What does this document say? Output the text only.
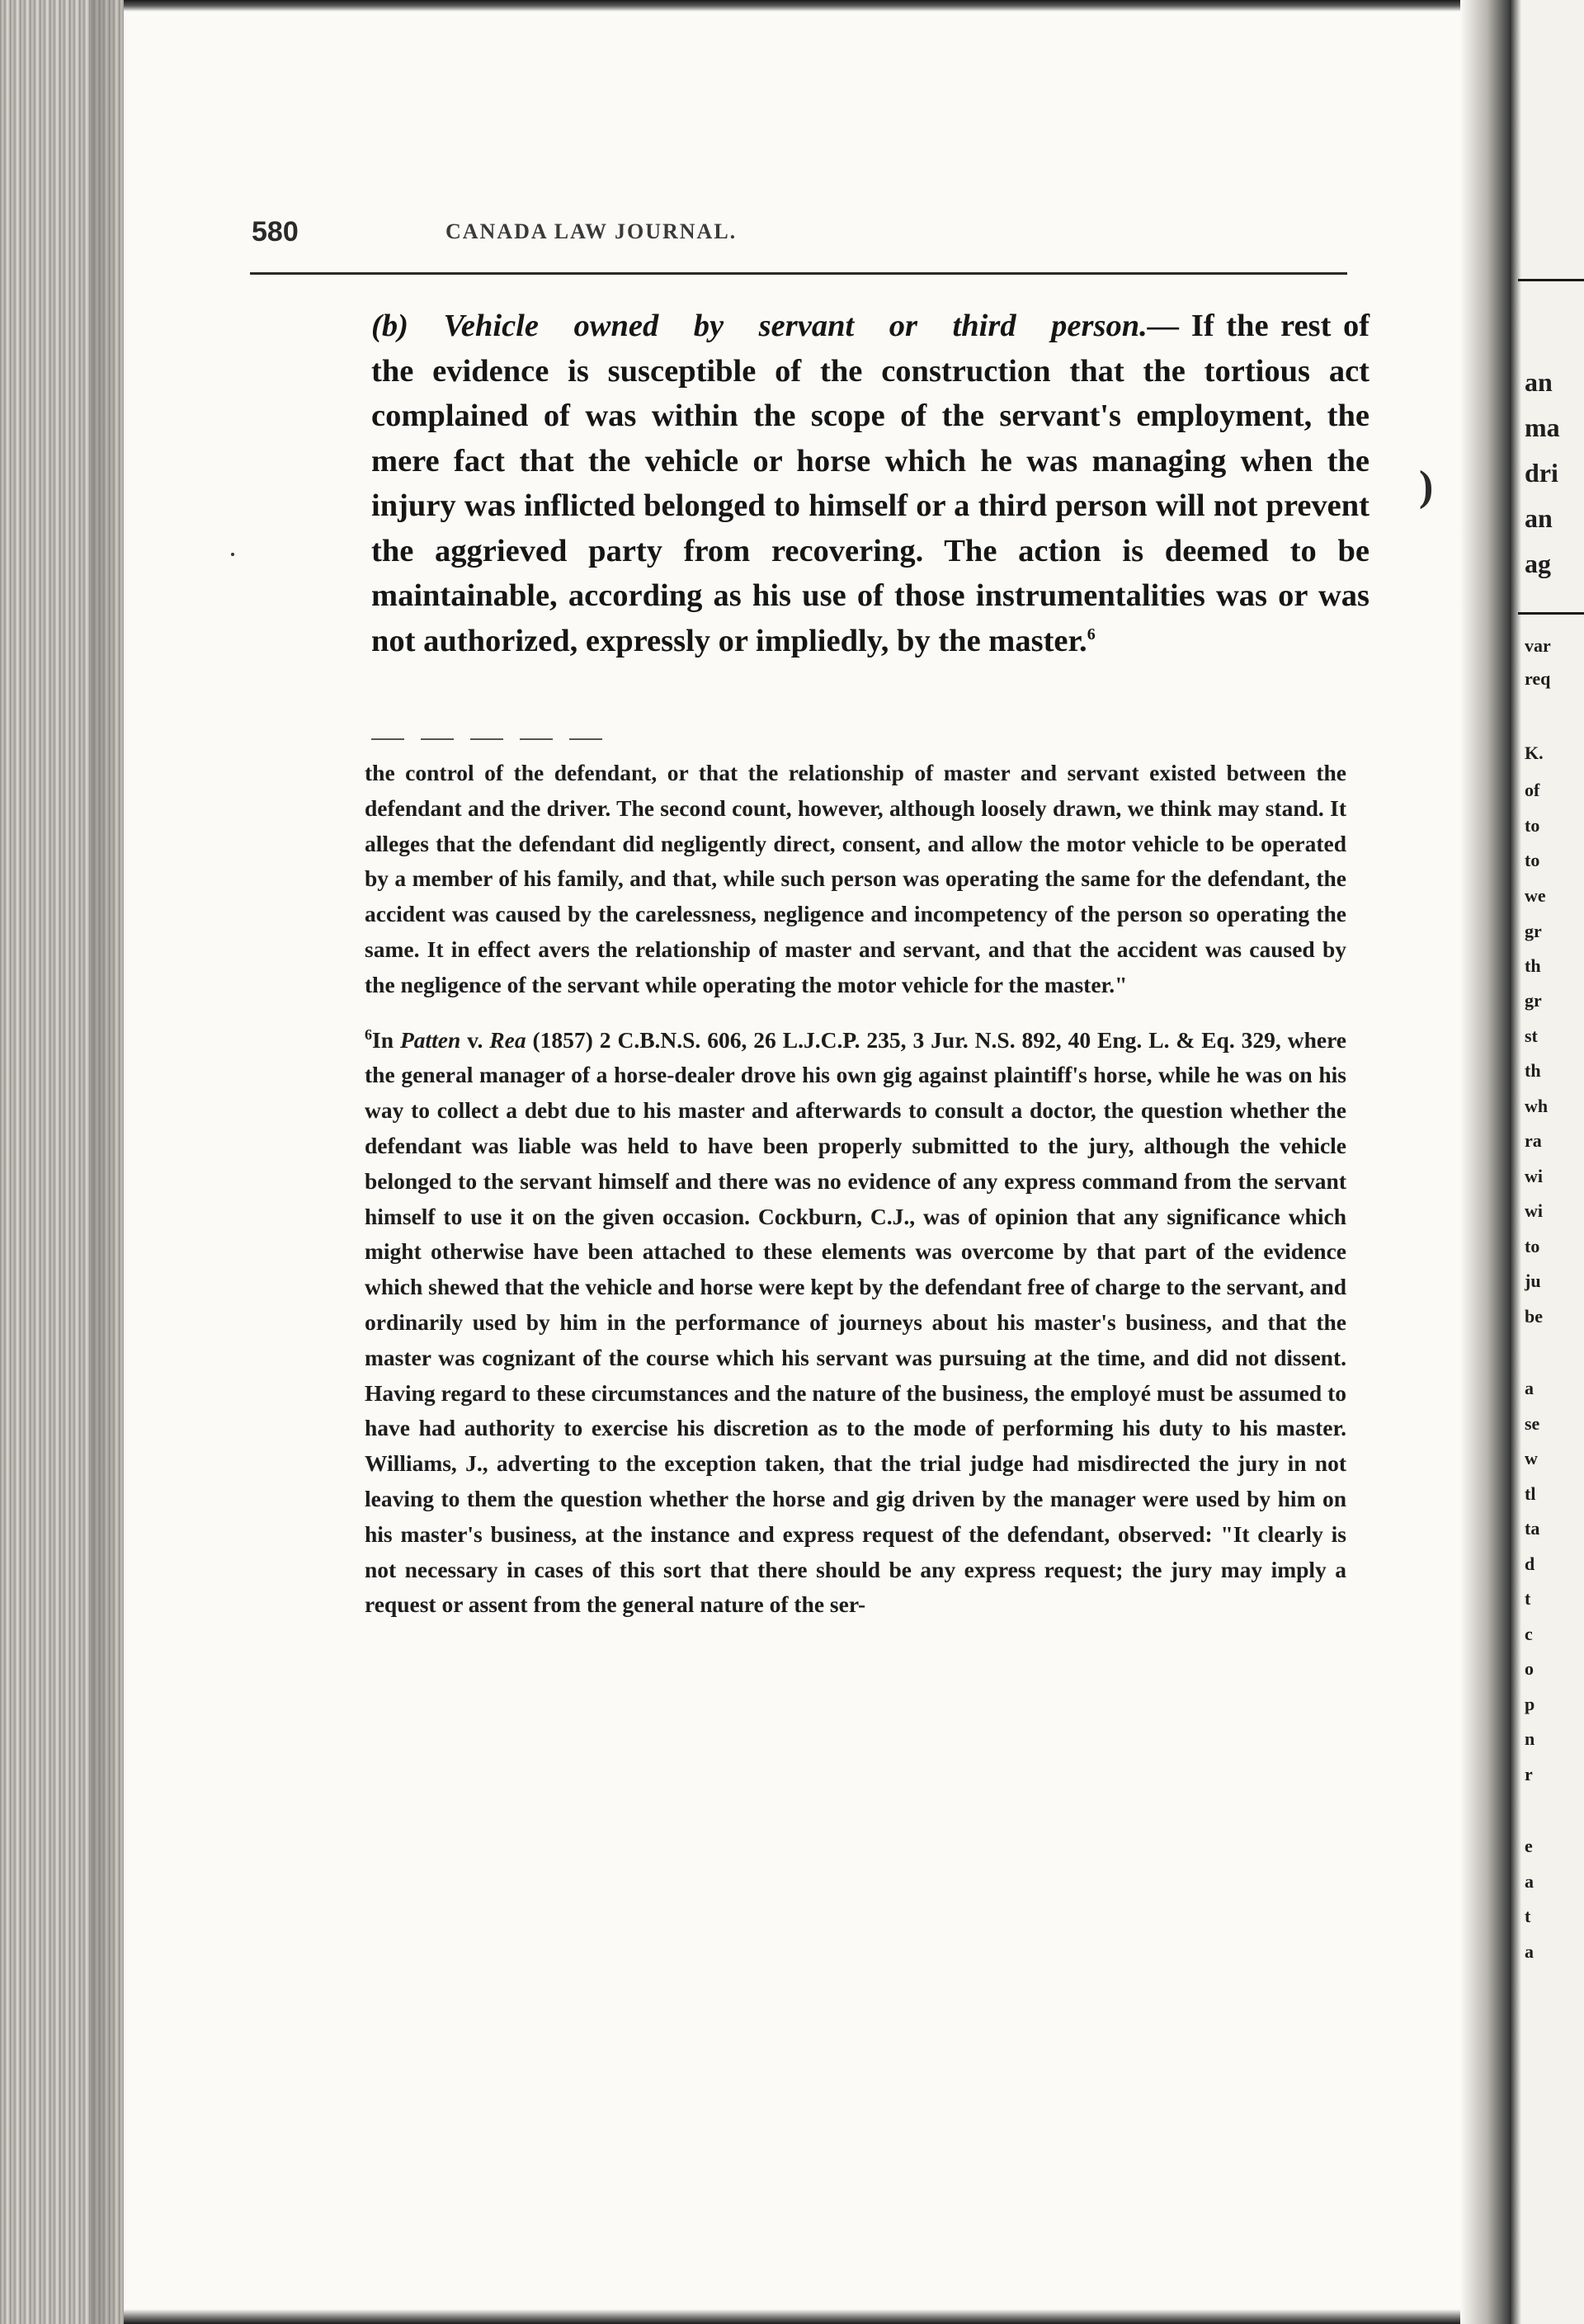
580	CANADA LAW JOURNAL.

(b) Vehicle owned by servant or third person.— If the rest of the evidence is susceptible of the construction that the tortious act complained of was within the scope of the servant's employment, the mere fact that the vehicle or horse which he was managing when the injury was inflicted belonged to himself or a third person will not prevent the aggrieved party from recovering. The action is deemed to be maintainable, according as his use of those instrumentalities was or was not authorized, expressly or impliedly, by the master.$^6$

the control of the defendant, or that the relationship of master and servant existed between the defendant and the driver. The second count, however, although loosely drawn, we think may stand. It alleges that the defendant did negligently direct, consent, and allow the motor vehicle to be operated by a member of his family, and that, while such person was operating the same for the defendant, the accident was caused by the carelessness, negligence and incompetency of the person so operating the same. It in effect avers the relationship of master and servant, and that the accident was caused by the negligence of the servant while operating the motor vehicle for the master."

$^6$In Patten v. Rea (1857) 2 C.B.N.S. 606, 26 L.J.C.P. 235, 3 Jur. N.S. 892, 40 Eng. L. & Eq. 329, where the general manager of a horse-dealer drove his own gig against plaintiff's horse, while he was on his way to collect a debt due to his master and afterwards to consult a doctor, the question whether the defendant was liable was held to have been properly submitted to the jury, although the vehicle belonged to the servant himself and there was no evidence of any express command from the servant himself to use it on the given occasion. Cockburn, C.J., was of opinion that any significance which might otherwise have been attached to these elements was overcome by that part of the evidence which shewed that the vehicle and horse were kept by the defendant free of charge to the servant, and ordinarily used by him in the performance of journeys about his master's business, and that the master was cognizant of the course which his servant was pursuing at the time, and did not dissent. Having regard to these circumstances and the nature of the business, the employé must be assumed to have had authority to exercise his discretion as to the mode of performing his duty to his master. Williams, J., adverting to the exception taken, that the trial judge had misdirected the jury in not leaving to them the question whether the horse and gig driven by the manager were used by him on his master's business, at the instance and express request of the defendant, observed: "It clearly is not necessary in cases of this sort that there should be any express request; the jury may imply a request or assent from the general nature of the ser-

)
an
ma
dri
an
ag
var
req
K.
of
to
to
we
gr
th
gr
st
th
wh
ra
wi
wi
to
ju
be
a
se
w
tl
ta
d
t
c
o
p
n
r
e
a
t
a
